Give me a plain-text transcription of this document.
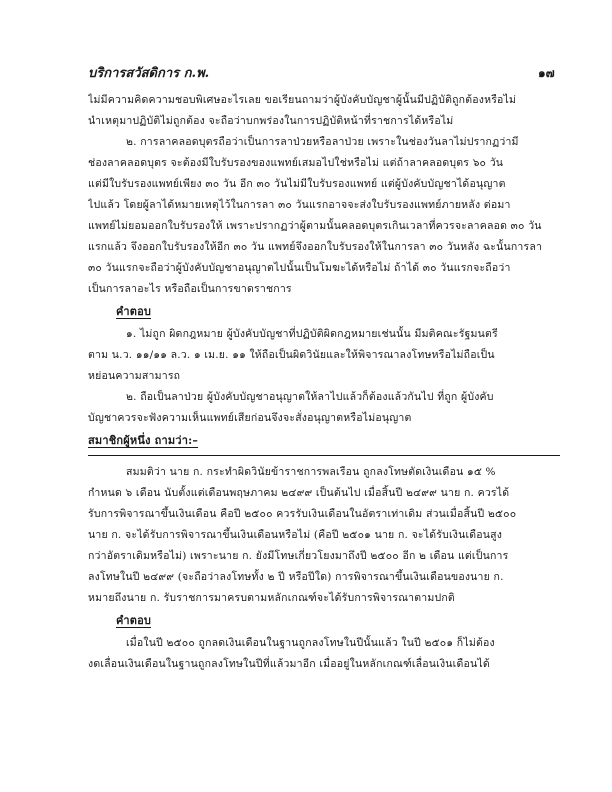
บริการสวัสดิการ ก.พ.	๑๗
ไม่มีความคิดความชอบพิเศษอะไรเลย ขอเรียนถามว่าผู้บังคับบัญชาผู้นั้นมีปฏิบัติถูกต้องหรือไม่
นำเหตุมาปฏิบัติไม่ถูกต้อง จะถือว่าบกพร่องในการปฏิบัติหน้าที่ราชการได้หรือไม่
๒. การลาคลอดบุตรถือว่าเป็นการลาป่วยหรือลาป่วย เพราะในช่องวันลาไม่ปรากฏว่ามี
ช่องลาคลอดบุตร จะต้องมีใบรับรองของแพทย์เสมอไปใช่หรือไม่ แต่ถ้าลาคลอดบุตร ๖๐ วัน
แต่มีใบรับรองแพทย์เพียง ๓๐ วัน อีก ๓๐ วันไม่มีใบรับรองแพทย์ แต่ผู้บังคับบัญชาได้อนุญาต
ไปแล้ว โดยผู้ลาได้หมายเหตุไว้ในการลา ๓๐ วันแรกอาจจะส่งใบรับรองแพทย์ภายหลัง ต่อมา
แพทย์ไม่ยอมออกใบรับรองให้ เพราะปรากฏว่าผู้ตามนั้นคลอดบุตรเกินเวลาที่ควรจะลาคลอด ๓๐ วัน
แรกแล้ว จึงออกใบรับรองให้อีก ๓๐ วัน แพทย์จึงออกใบรับรองให้ในการลา ๓๐ วันหลัง ฉะนั้นการลา
๓๐ วันแรกจะถือว่าผู้บังคับบัญชาอนุญาตไปนั้นเป็นโมฆะได้หรือไม่ ถ้าได้ ๓๐ วันแรกจะถือว่า
เป็นการลาอะไร หรือถือเป็นการขาดราชการ
คำตอบ
๑. ไม่ถูก ผิดกฎหมาย ผู้บังคับบัญชาที่ปฏิบัติผิดกฎหมายเช่นนั้น มีมติคณะรัฐมนตรี
ตาม น.ว. ๑๑/๑๑ ล.ว. ๑ เม.ย. ๑๑ ให้ถือเป็นผิดวินัยและให้พิจารณาลงโทษหรือไม่ถือเป็น
หย่อนความสามารถ
๒. ถือเป็นลาป่วย ผู้บังคับบัญชาอนุญาตให้ลาไปแล้วก็ต้องแล้วกันไป ที่ถูก ผู้บังคับ
บัญชาควรจะฟังความเห็นแพทย์เสียก่อนจึงจะสั่งอนุญาตหรือไม่อนุญาต
สมาชิกผู้หนึ่ง ถามว่า:–
สมมติว่า นาย ก. กระทำผิดวินัยข้าราชการพลเรือน ถูกลงโทษตัดเงินเดือน ๑๕ %
กำหนด ๖ เดือน นับตั้งแต่เดือนพฤษภาคม ๒๔๙๙ เป็นต้นไป เมื่อสิ้นปี ๒๔๙๙ นาย ก. ควรได้
รับการพิจารณาขึ้นเงินเดือน คือปี ๒๕๐๐ ควรรับเงินเดือนในอัตราเท่าเดิม ส่วนเมื่อสิ้นปี ๒๕๐๐
นาย ก. จะได้รับการพิจารณาขึ้นเงินเดือนหรือไม่ (คือปี ๒๕๐๑ นาย ก. จะได้รับเงินเดือนสูง
กว่าอัตราเดิมหรือไม่) เพราะนาย ก. ยังมีโทษเกี่ยวโยงมาถึงปี ๒๕๐๐ อีก ๒ เดือน แต่เป็นการ
ลงโทษในปี ๒๔๙๙ (จะถือว่าลงโทษทั้ง ๒ ปี หรือปีใด) การพิจารณาขึ้นเงินเดือนของนาย ก.
หมายถึงนาย ก. รับราชการมาครบตามหลักเกณฑ์จะได้รับการพิจารณาตามปกติ
คำตอบ
เมื่อในปี ๒๕๐๐ ถูกลดเงินเดือนในฐานถูกลงโทษในปีนั้นแล้ว ในปี ๒๕๐๑ ก็ไม่ต้อง
งดเลื่อนเงินเดือนในฐานถูกลงโทษในปีที่แล้วมาอีก เมื่ออยู่ในหลักเกณฑ์เลื่อนเงินเดือนได้
